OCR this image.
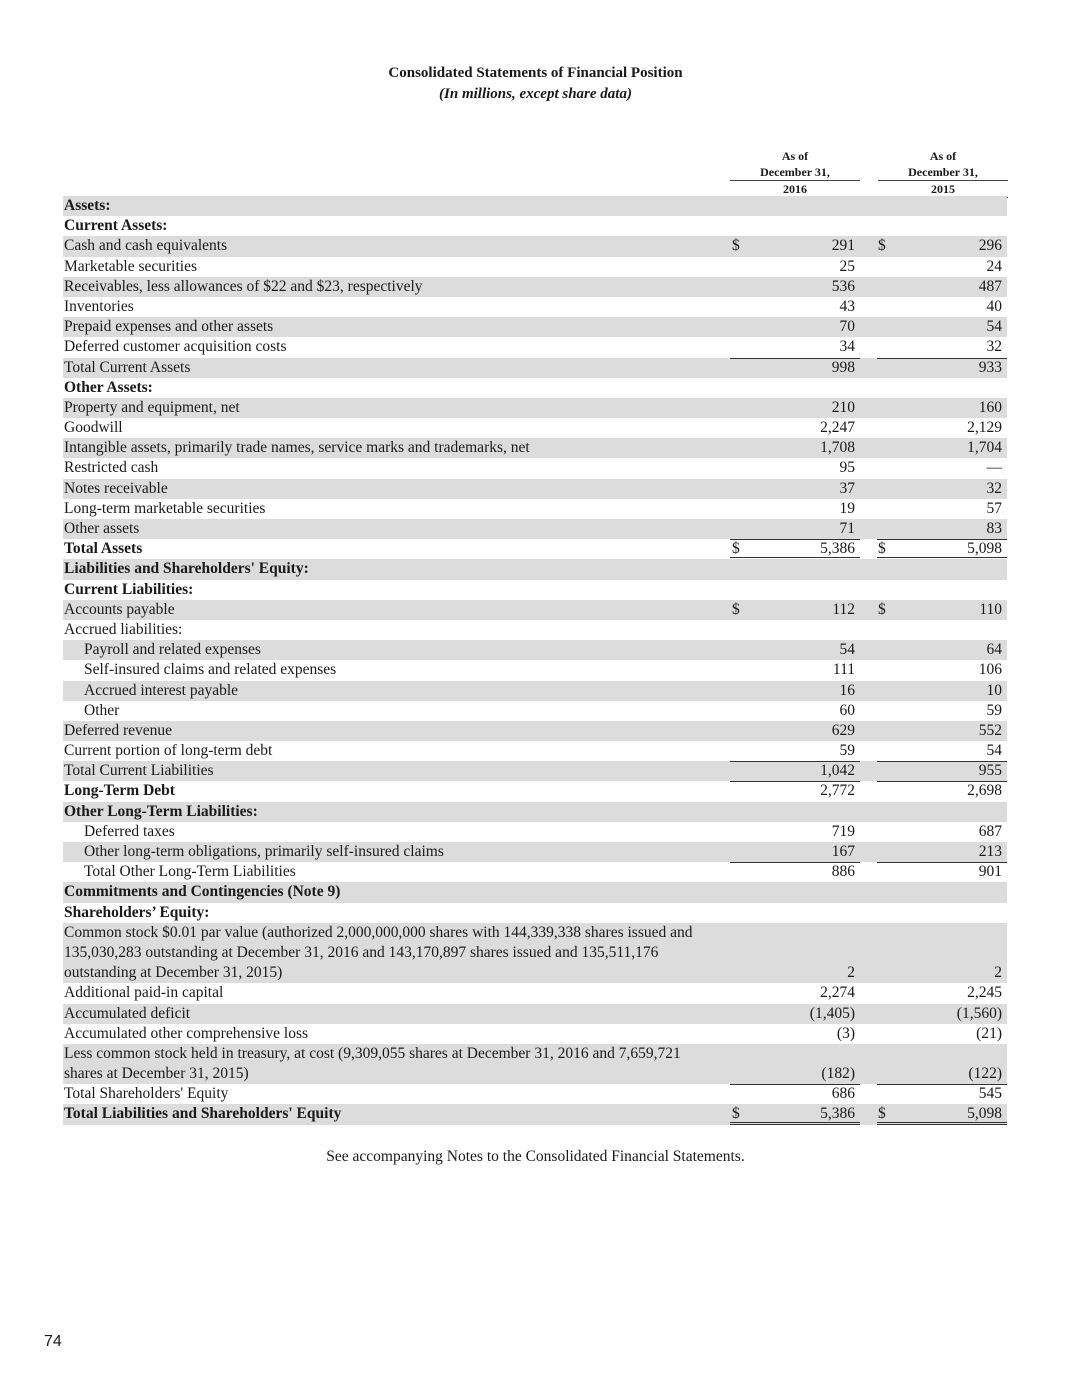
Consolidated Statements of Financial Position
(In millions, except share data)
As of
December 31,
2016
As of
December 31,
2015
Assets:
Current Assets:
Cash and cash equivalents	$	291 $	296
Marketable securities	25	24
Receivables, less allowances of $22 and $23, respectively	536	487
Inventories	43	40
Prepaid expenses and other assets	70	54
Deferred customer acquisition costs	34	32
Total Current Assets	998	933
Other Assets:
Property and equipment, net	210	160
Goodwill	2,247	2,129
Intangible assets, primarily trade names, service marks and trademarks, net	1,708	1,704
Restricted cash	95	—
Notes receivable	37	32
Long-term marketable securities	19	57
Other assets	71	83
Total Assets	$	5,386 $	5,098
Liabilities and Shareholders' Equity:
Current Liabilities:
Accounts payable	$	112 $	110
Accrued liabilities:
Payroll and related expenses	54	64
Self-insured claims and related expenses	111	106
Accrued interest payable	16	10
Other	60	59
Deferred revenue	629	552
Current portion of long-term debt	59	54
Total Current Liabilities	1,042	955
Long-Term Debt	2,772	2,698
Other Long-Term Liabilities:
Deferred taxes	719	687
Other long-term obligations, primarily self-insured claims	167	213
Total Other Long-Term Liabilities	886	901
Commitments and Contingencies (Note 9)
Shareholders’ Equity:
Common stock $0.01 par value (authorized 2,000,000,000 shares with 144,339,338 shares issued and 135,030,283 outstanding at December 31, 2016 and 143,170,897 shares issued and 135,511,176 outstanding at December 31, 2015)	2	2
Additional paid-in capital	2,274	2,245
Accumulated deficit	(1,405)	(1,560)
Accumulated other comprehensive loss	(3)	(21)
Less common stock held in treasury, at cost (9,309,055 shares at December 31, 2016 and 7,659,721 shares at December 31, 2015)	(182)	(122)
Total Shareholders' Equity	686	545
Total Liabilities and Shareholders' Equity	$	5,386 $	5,098
See accompanying Notes to the Consolidated Financial Statements.
74
